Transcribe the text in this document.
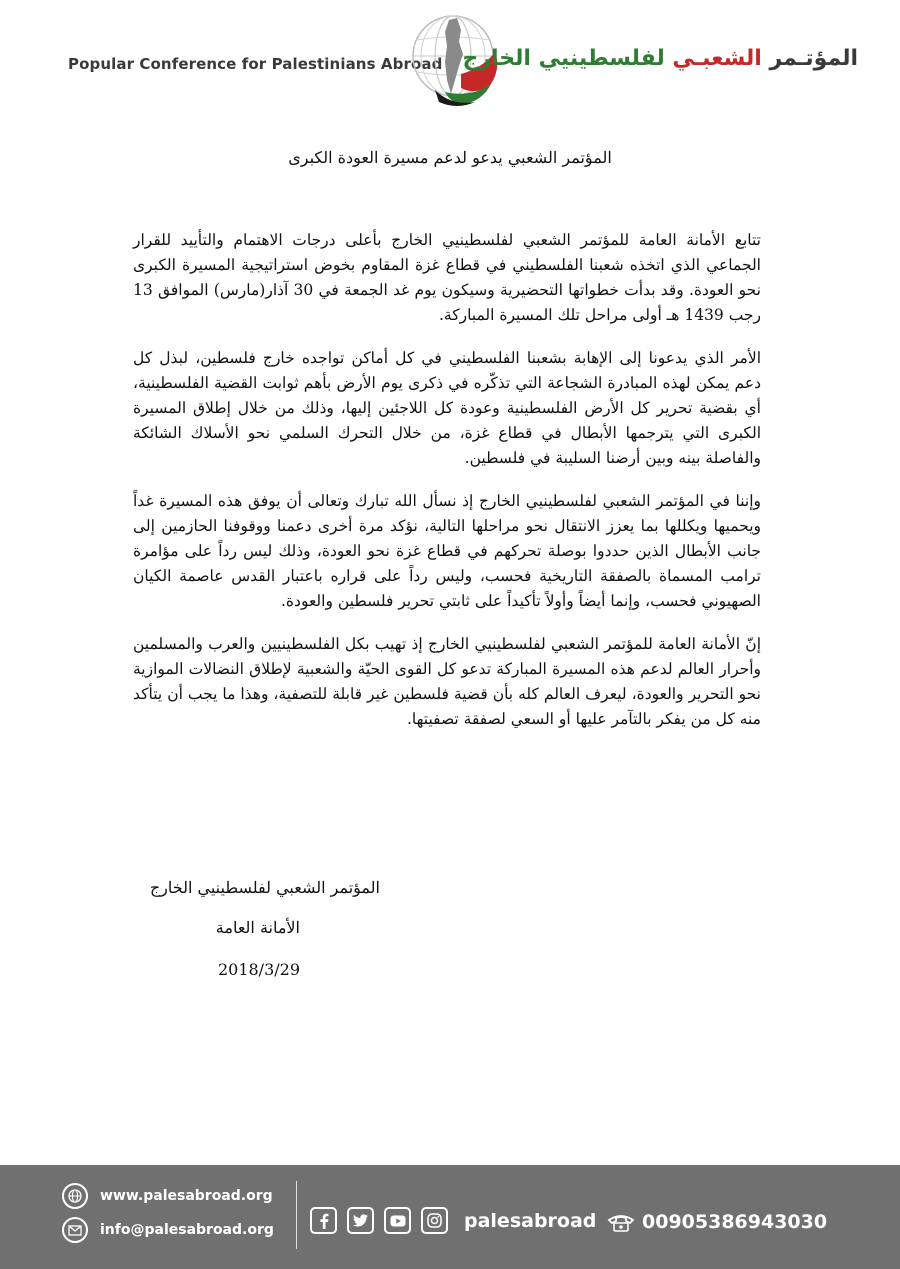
Popular Conference for Palestinians Abroad	المؤتـمر الشعبـي لفلسطينيي الخارج
المؤتمر الشعبي يدعو لدعم مسيرة العودة الكبرى

تتابع الأمانة العامة للمؤتمر الشعبي لفلسطينيي الخارج بأعلى درجات الاهتمام والتأييد للقرار الجماعي الذي اتخذه شعبنا الفلسطيني في قطاع غزة المقاوم بخوض استراتيجية المسيرة الكبرى نحو العودة. وقد بدأت خطواتها التحضيرية وسيكون يوم غد الجمعة في 30 آذار(مارس) الموافق 13 رجب 1439 هـ أولى مراحل تلك المسيرة المباركة.

الأمر الذي يدعونا إلى الإهابة بشعبنا الفلسطيني في كل أماكن تواجده خارج فلسطين، لبذل كل دعم يمكن لهذه المبادرة الشجاعة التي تذكّره في ذكرى يوم الأرض بأهم ثوابت القضية الفلسطينية، أي بقضية تحرير كل الأرض الفلسطينية وعودة كل اللاجئين إليها، وذلك من خلال إطلاق المسيرة الكبرى التي يترجمها الأبطال في قطاع غزة، من خلال التحرك السلمي نحو الأسلاك الشائكة والفاصلة بينه وبين أرضنا السليبة في فلسطين.

وإننا في المؤتمر الشعبي لفلسطينيي الخارج إذ نسأل الله تبارك وتعالى أن يوفق هذه المسيرة غداً ويحميها ويكللها بما يعزز الانتقال نحو مراحلها التالية، نؤكد مرة أخرى دعمنا ووقوفنا الحازمين إلى جانب الأبطال الذين حددوا بوصلة تحركهم في قطاع غزة نحو العودة، وذلك ليس رداً على مؤامرة ترامب المسماة بالصفقة التاريخية فحسب، وليس رداً على قراره باعتبار القدس عاصمة الكيان الصهيوني فحسب، وإنما أيضاً وأولاً تأكيداً على ثابتي تحرير فلسطين والعودة.

إنّ الأمانة العامة للمؤتمر الشعبي لفلسطينيي الخارج إذ تهيب بكل الفلسطينيين والعرب والمسلمين وأحرار العالم لدعم هذه المسيرة المباركة تدعو كل القوى الحيّة والشعبية لإطلاق النضالات الموازية نحو التحرير والعودة، ليعرف العالم كله بأن قضية فلسطين غير قابلة للتصفية، وهذا ما يجب أن يتأكد منه كل من يفكر بالتآمر عليها أو السعي لصفقة تصفيتها.

المؤتمر الشعبي لفلسطينيي الخارج
الأمانة العامة
2018/3/29
www.palesabroad.org
info@palesabroad.org	palesabroad 00905386943030
